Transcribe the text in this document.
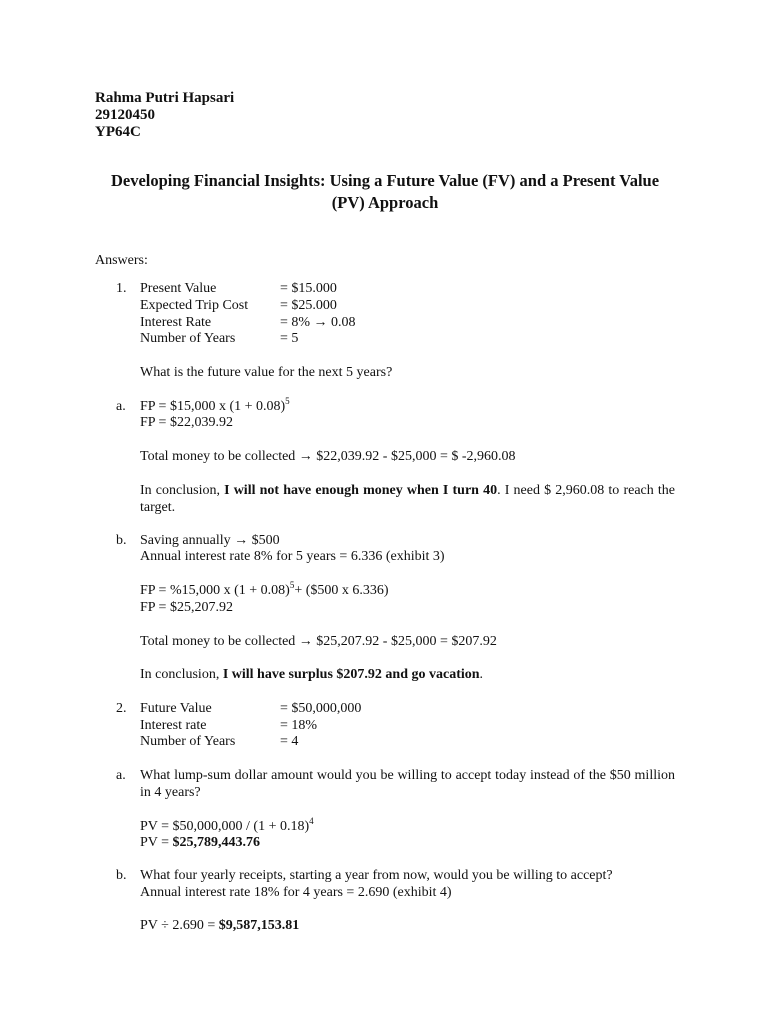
Rahma Putri Hapsari
29120450
YP64C
Developing Financial Insights: Using a Future Value (FV) and a Present Value (PV) Approach
Answers:
1. Present Value	= $15.000
Expected Trip Cost = $25.000
Interest Rate	= 8% → 0.08
Number of Years	= 5
What is the future value for the next 5 years?
a. FP = $15,000 x $(1 + 0.08)^5$
FP = $22,039.92
Total money to be collected → $22,039.92 - $25,000 = $ -2,960.08
In conclusion, I will not have enough money when I turn 40. I need $ 2,960.08 to reach the target.
b. Saving annually → $500
Annual interest rate 8% for 5 years = 6.336 (exhibit 3)
FP = %15,000 x $(1 + 0.08)^5+$ ($500 x 6.336)
FP = $25,207.92
Total money to be collected → $25,207.92 - $25,000 = $207.92
In conclusion, I will have surplus $207.92 and go vacation.
2. Future Value	= $50,000,000
Interest rate	= 18%
Number of Years	= 4
a. What lump-sum dollar amount would you be willing to accept today instead of the $50 million in 4 years?
PV = $50,000,000 / $(1 + 0.18)^4$
PV = $25,789,443.76
b. What four yearly receipts, starting a year from now, would you be willing to accept?
Annual interest rate 18% for 4 years = 2.690 (exhibit 4)
PV ÷ 2.690 = $9,587,153.81
